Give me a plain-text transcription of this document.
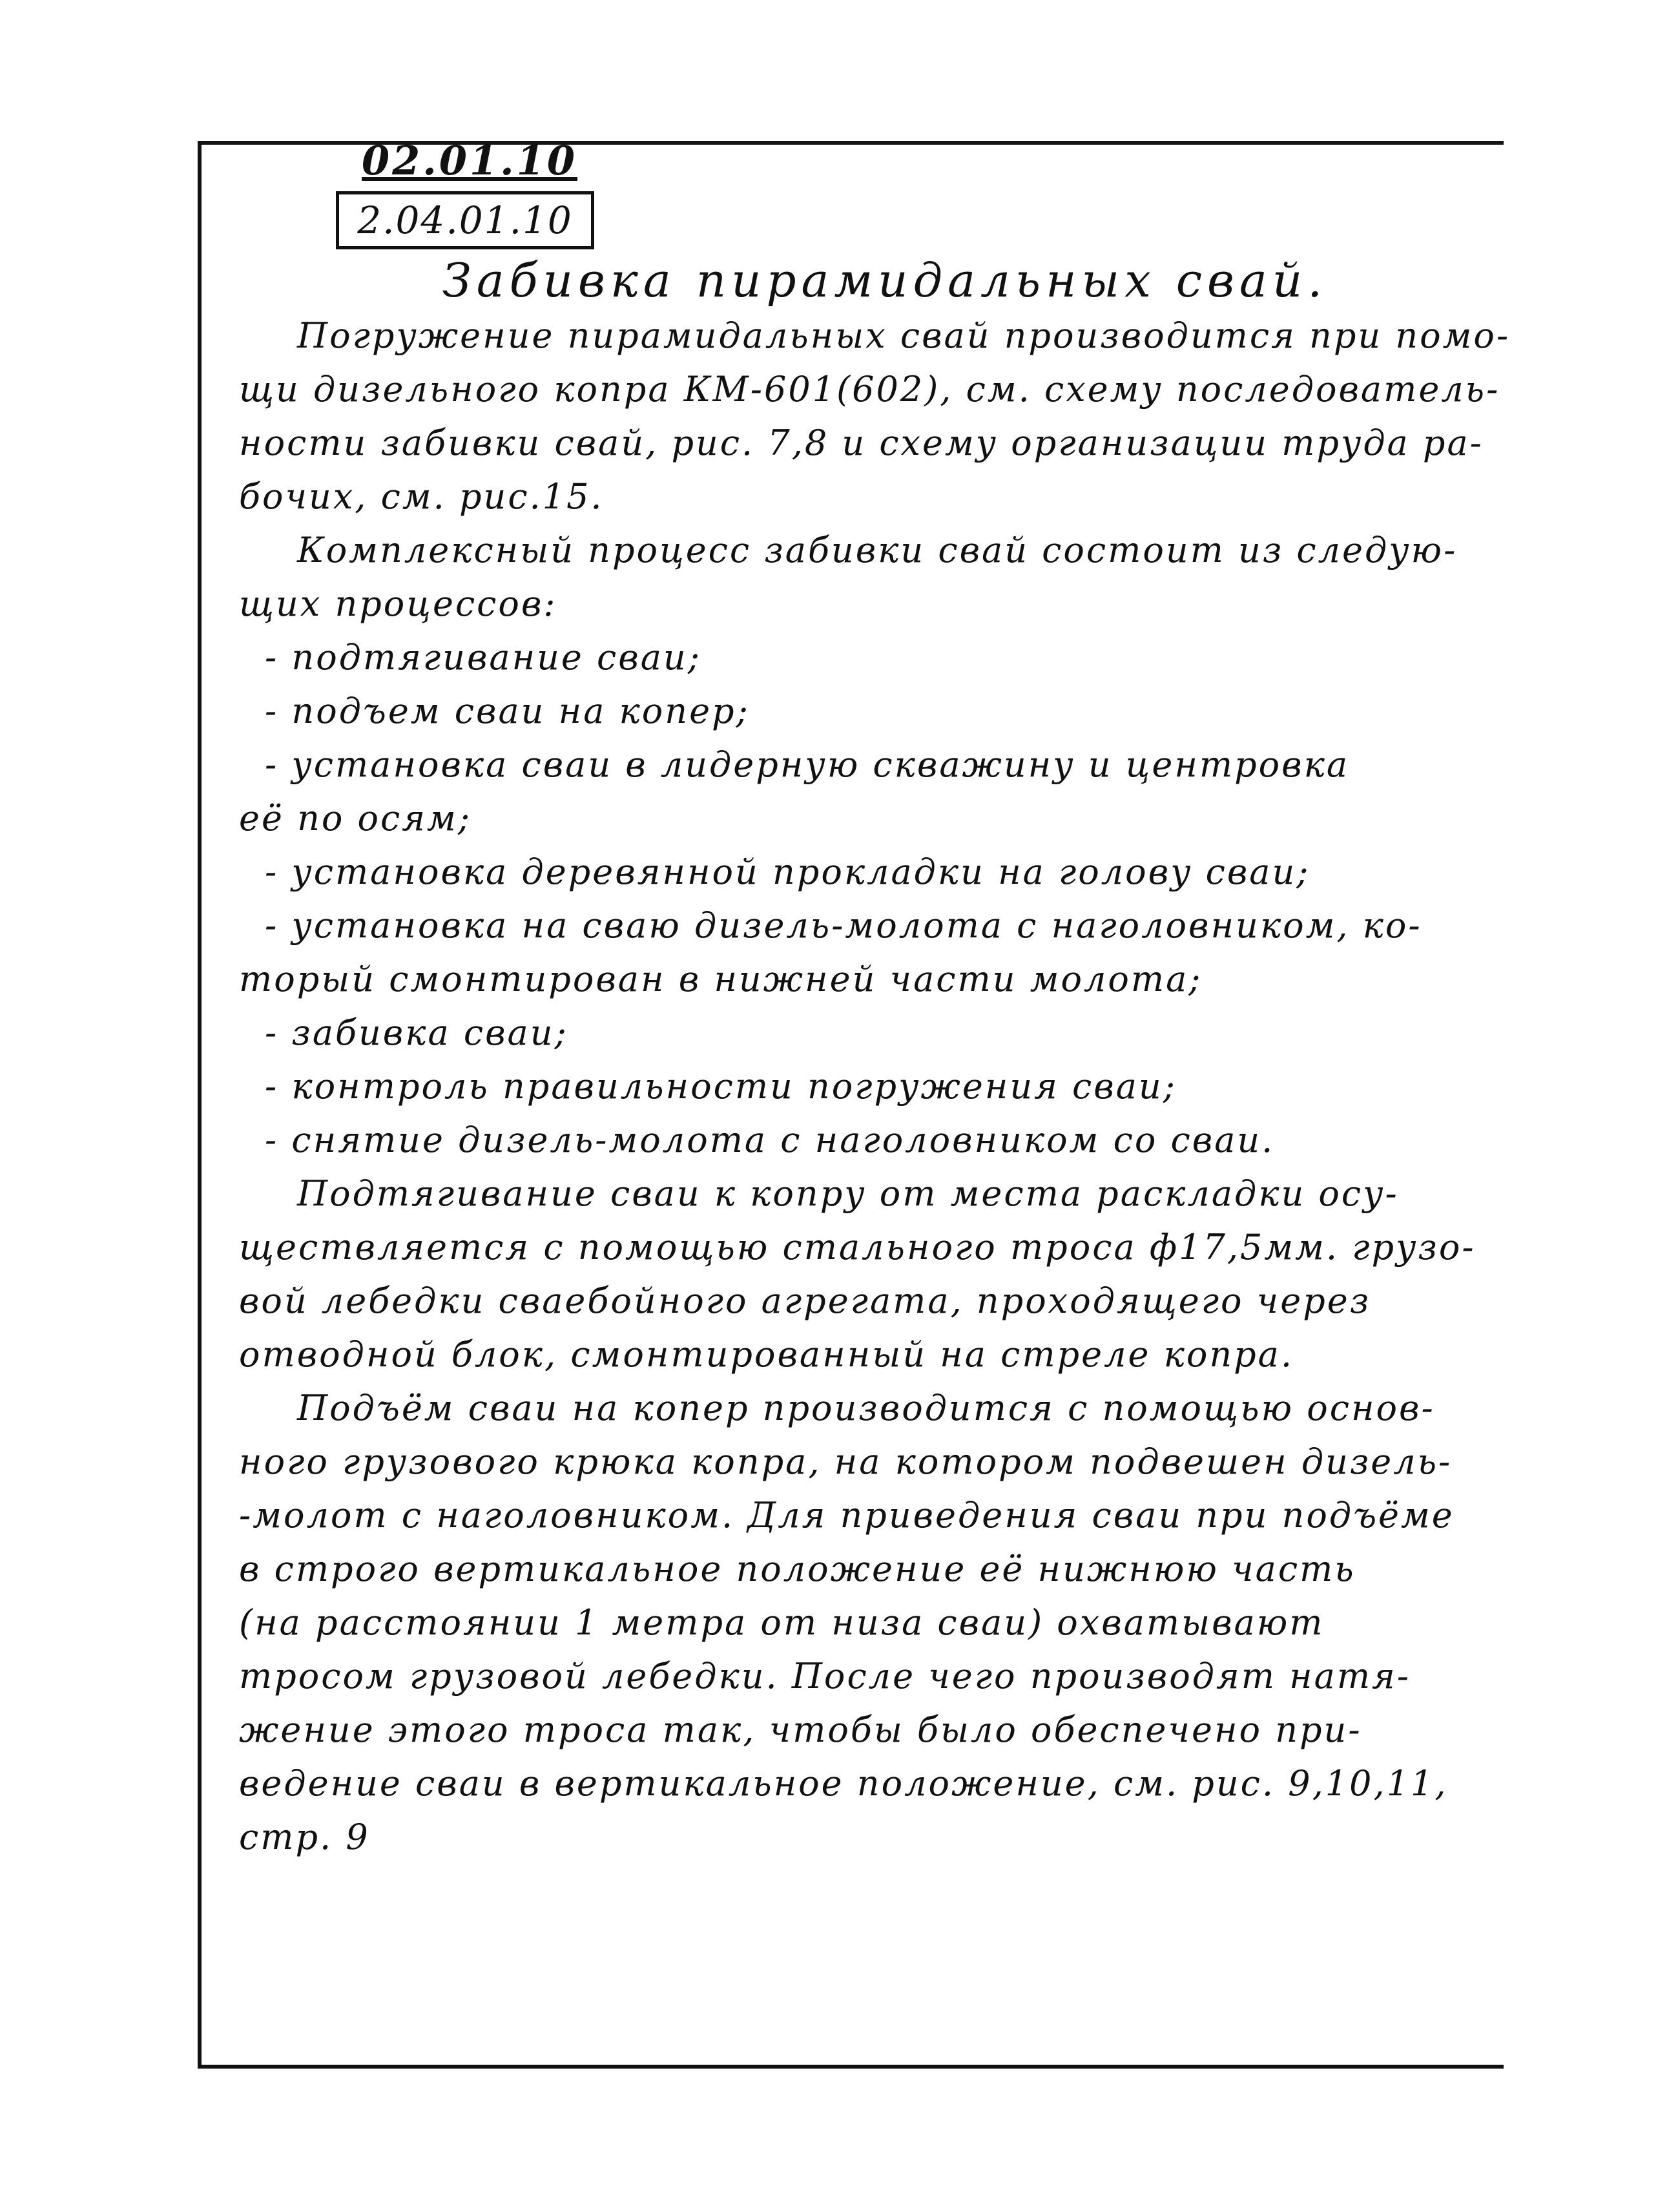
02.01.10
2.04.01.10
Забивка пирамидальных свай.
Погружение пирамидальных свай производится при помо-
щи дизельного копра КМ-601(602), см. схему последователь-
ности забивки свай, рис. 7,8 и схему организации труда ра-
бочих, см. рис.15.
Комплексный процесс забивки свай состоит из следую-
щих процессов:
- подтягивание сваи;
- подъем сваи на копер;
- установка сваи в лидерную скважину и центровка
её по осям;
- установка деревянной прокладки на голову сваи;
- установка на сваю дизель-молота с наголовником, ко-
торый смонтирован в нижней части молота;
- забивка сваи;
- контроль правильности погружения сваи;
- снятие дизель-молота с наголовником со сваи.
Подтягивание сваи к копру от места раскладки осу-
ществляется с помощью стального троса ф17,5мм. грузо-
вой лебедки сваебойного агрегата, проходящего через
отводной блок, смонтированный на стреле копра.
Подъём сваи на копер производится с помощью основ-
ного грузового крюка копра, на котором подвешен дизель-
-молот с наголовником. Для приведения сваи при подъёме
в строго вертикальное положение её нижнюю часть
(на расстоянии 1 метра от низа сваи) охватывают
тросом грузовой лебедки. После чего производят натя-
жение этого троса так, чтобы было обеспечено при-
ведение сваи в вертикальное положение, см. рис. 9,10,11,
стр. 9
